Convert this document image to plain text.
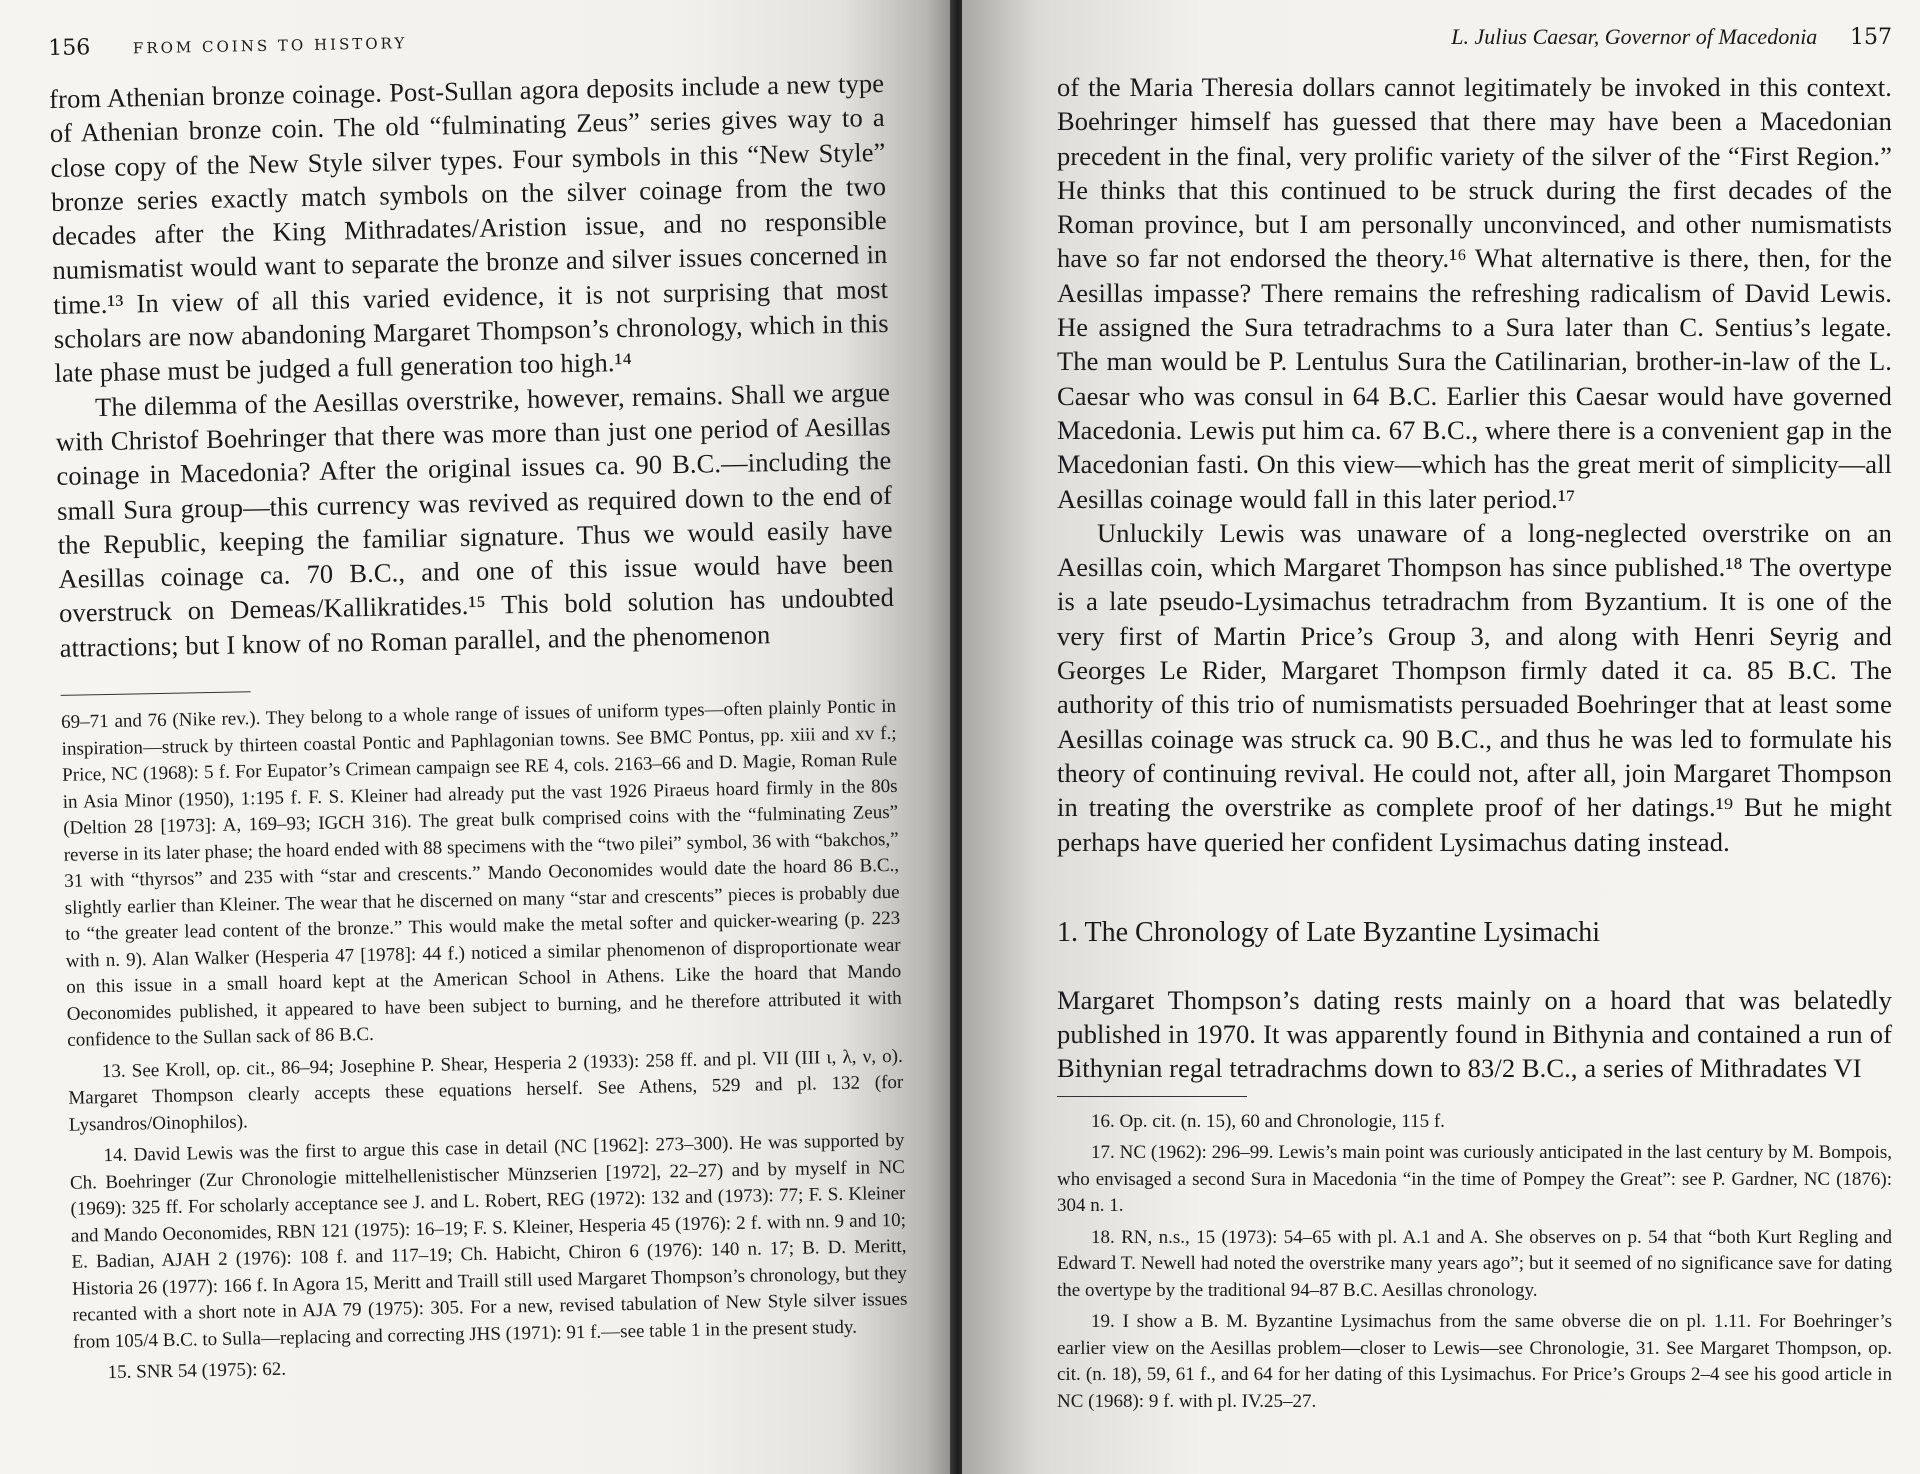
156	FROM COINS TO HISTORY

from Athenian bronze coinage. Post-Sullan agora deposits include a new type of Athenian bronze coin. The old “fulminating Zeus” series gives way to a close copy of the New Style silver types. Four symbols in this “New Style” bronze series exactly match symbols on the silver coinage from the two decades after the King Mithradates/Aristion issue, and no responsible numismatist would want to separate the bronze and silver issues concerned in time.¹³ In view of all this varied evidence, it is not surprising that most scholars are now abandoning Margaret Thompson’s chronology, which in this late phase must be judged a full generation too high.¹⁴

The dilemma of the Aesillas overstrike, however, remains. Shall we argue with Christof Boehringer that there was more than just one period of Aesillas coinage in Macedonia? After the original issues ca. 90 B.C.—including the small Sura group—this currency was revived as required down to the end of the Republic, keeping the familiar signature. Thus we would easily have Aesillas coinage ca. 70 B.C., and one of this issue would have been overstruck on Demeas/Kallikratides.¹⁵ This bold solution has undoubted attractions; but I know of no Roman parallel, and the phenomenon

69–71 and 76 (Nike rev.). They belong to a whole range of issues of uniform types—often plainly Pontic in inspiration—struck by thirteen coastal Pontic and Paphlagonian towns. See BMC Pontus, pp. xiii and xv f.; Price, NC (1968): 5 f. For Eupator’s Crimean campaign see RE 4, cols. 2163–66 and D. Magie, Roman Rule in Asia Minor (1950), 1:195 f. F. S. Kleiner had already put the vast 1926 Piraeus hoard firmly in the 80s (Deltion 28 [1973]: A, 169–93; IGCH 316). The great bulk comprised coins with the “fulminating Zeus” reverse in its later phase; the hoard ended with 88 specimens with the “two pilei” symbol, 36 with “bakchos,” 31 with “thyrsos” and 235 with “star and crescents.” Mando Oeconomides would date the hoard 86 B.C., slightly earlier than Kleiner. The wear that he discerned on many “star and crescents” pieces is probably due to “the greater lead content of the bronze.” This would make the metal softer and quicker-wearing (p. 223 with n. 9). Alan Walker (Hesperia 47 [1978]: 44 f.) noticed a similar phenomenon of disproportionate wear on this issue in a small hoard kept at the American School in Athens. Like the hoard that Mando Oeconomides published, it appeared to have been subject to burning, and he therefore attributed it with confidence to the Sullan sack of 86 B.C.

13. See Kroll, op. cit., 86–94; Josephine P. Shear, Hesperia 2 (1933): 258 ff. and pl. VII (III ι, λ, ν, ο). Margaret Thompson clearly accepts these equations herself. See Athens, 529 and pl. 132 (for Lysandros/Oinophilos).

14. David Lewis was the first to argue this case in detail (NC [1962]: 273–300). He was supported by Ch. Boehringer (Zur Chronologie mittelhellenistischer Münzserien [1972], 22–27) and by myself in NC (1969): 325 ff. For scholarly acceptance see J. and L. Robert, REG (1972): 132 and (1973): 77; F. S. Kleiner and Mando Oeconomides, RBN 121 (1975): 16–19; F. S. Kleiner, Hesperia 45 (1976): 2 f. with nn. 9 and 10; E. Badian, AJAH 2 (1976): 108 f. and 117–19; Ch. Habicht, Chiron 6 (1976): 140 n. 17; B. D. Meritt, Historia 26 (1977): 166 f. In Agora 15, Meritt and Traill still used Margaret Thompson’s chronology, but they recanted with a short note in AJA 79 (1975): 305. For a new, revised tabulation of New Style silver issues from 105/4 B.C. to Sulla—replacing and correcting JHS (1971): 91 f.—see table 1 in the present study.

15. SNR 54 (1975): 62.

L. Julius Caesar, Governor of Macedonia 157

of the Maria Theresia dollars cannot legitimately be invoked in this context. Boehringer himself has guessed that there may have been a Macedonian precedent in the final, very prolific variety of the silver of the “First Region.” He thinks that this continued to be struck during the first decades of the Roman province, but I am personally unconvinced, and other numismatists have so far not endorsed the theory.¹⁶ What alternative is there, then, for the Aesillas impasse? There remains the refreshing radicalism of David Lewis. He assigned the Sura tetradrachms to a Sura later than C. Sentius’s legate. The man would be P. Lentulus Sura the Catilinarian, brother-in-law of the L. Caesar who was consul in 64 B.C. Earlier this Caesar would have governed Macedonia. Lewis put him ca. 67 B.C., where there is a convenient gap in the Macedonian fasti. On this view—which has the great merit of simplicity—all Aesillas coinage would fall in this later period.¹⁷

Unluckily Lewis was unaware of a long-neglected overstrike on an Aesillas coin, which Margaret Thompson has since published.¹⁸ The overtype is a late pseudo-Lysimachus tetradrachm from Byzantium. It is one of the very first of Martin Price’s Group 3, and along with Henri Seyrig and Georges Le Rider, Margaret Thompson firmly dated it ca. 85 B.C. The authority of this trio of numismatists persuaded Boehringer that at least some Aesillas coinage was struck ca. 90 B.C., and thus he was led to formulate his theory of continuing revival. He could not, after all, join Margaret Thompson in treating the overstrike as complete proof of her datings.¹⁹ But he might perhaps have queried her confident Lysimachus dating instead.

1. The Chronology of Late Byzantine Lysimachi

Margaret Thompson’s dating rests mainly on a hoard that was belatedly published in 1970. It was apparently found in Bithynia and contained a run of Bithynian regal tetradrachms down to 83/2 B.C., a series of Mithradates VI

16. Op. cit. (n. 15), 60 and Chronologie, 115 f.

17. NC (1962): 296–99. Lewis’s main point was curiously anticipated in the last century by M. Bompois, who envisaged a second Sura in Macedonia “in the time of Pompey the Great”: see P. Gardner, NC (1876): 304 n. 1.

18. RN, n.s., 15 (1973): 54–65 with pl. A.1 and A. She observes on p. 54 that “both Kurt Regling and Edward T. Newell had noted the overstrike many years ago”; but it seemed of no significance save for dating the overtype by the traditional 94–87 B.C. Aesillas chronology.

19. I show a B. M. Byzantine Lysimachus from the same obverse die on pl. 1.11. For Boehringer’s earlier view on the Aesillas problem—closer to Lewis—see Chronologie, 31. See Margaret Thompson, op. cit. (n. 18), 59, 61 f., and 64 for her dating of this Lysimachus. For Price’s Groups 2–4 see his good article in NC (1968): 9 f. with pl. IV.25–27.
